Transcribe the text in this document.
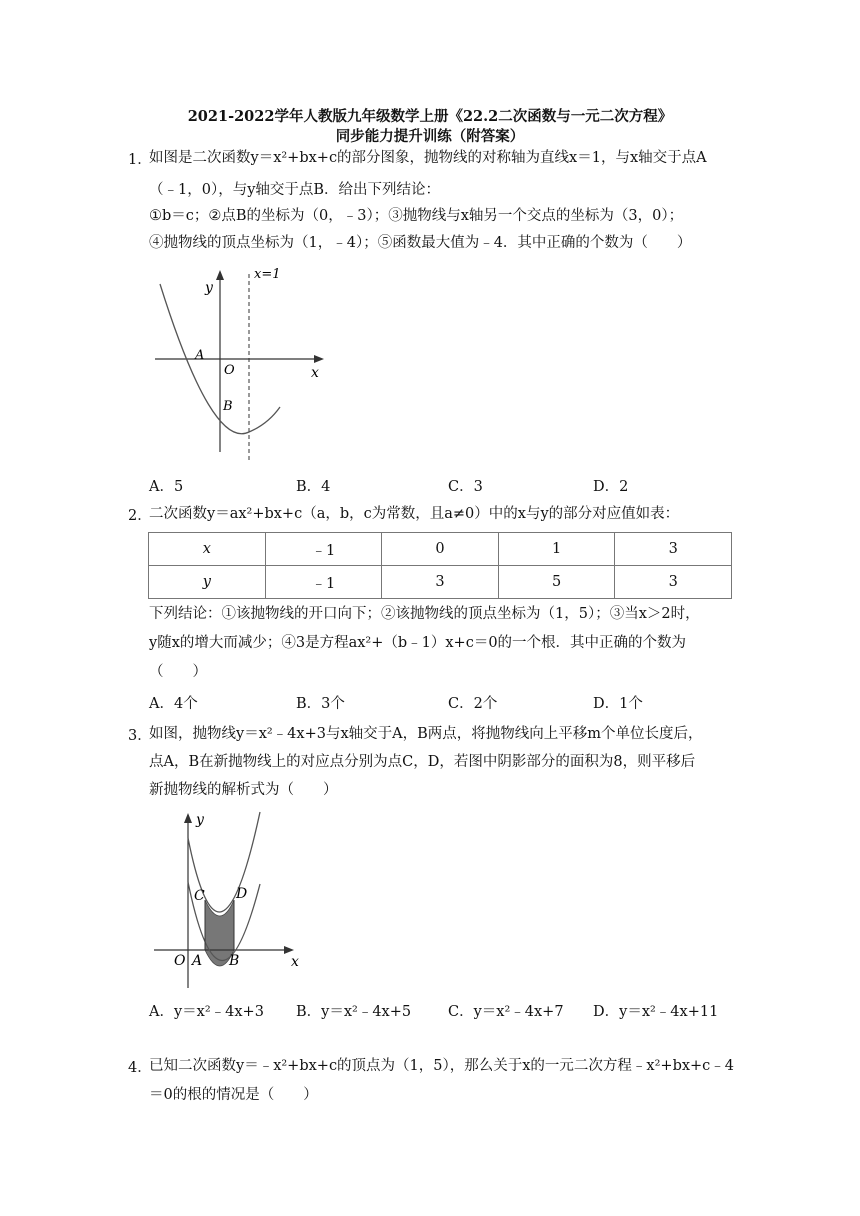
2021-2022学年人教版九年级数学上册《22.2二次函数与一元二次方程》
同步能力提升训练（附答案）
1．
如图是二次函数y＝x²+bx+c的部分图象，抛物线的对称轴为直线x＝1，与x轴交于点A
（﹣1，0），与y轴交于点B．给出下列结论：
①b＝c；②点B的坐标为（0，﹣3）；③抛物线与x轴另一个交点的坐标为（3，0）；
④抛物线的顶点坐标为（1，﹣4）；⑤函数最大值为﹣4．其中正确的个数为（　　）
x=1
y
x
O
A
B
A．5	B．4	C．3	D．2
2．
二次函数y＝ax²+bx+c（a，b，c为常数，且a≠0）中的x与y的部分对应值如表：
x	﹣1	0	1	3
y	﹣1	3	5	3
下列结论：①该抛物线的开口向下；②该抛物线的顶点坐标为（1，5）；③当x＞2时，
y随x的增大而减少；④3是方程ax²+（b﹣1）x+c＝0的一个根．其中正确的个数为
（　　）
A．4个	B．3个	C．2个	D．1个
3．
如图，抛物线y＝x²﹣4x+3与x轴交于A，B两点，将抛物线向上平移m个单位长度后，
点A，B在新抛物线上的对应点分别为点C，D，若图中阴影部分的面积为8，则平移后
新抛物线的解析式为（　　）
y
x
O A B
C D
A．y＝x²﹣4x+3 B．y＝x²﹣4x+5	C．y＝x²﹣4x+7 D．y＝x²﹣4x+11
4．
已知二次函数y＝﹣x²+bx+c的顶点为（1，5），那么关于x的一元二次方程﹣x²+bx+c﹣4
＝0的根的情况是（　　）
